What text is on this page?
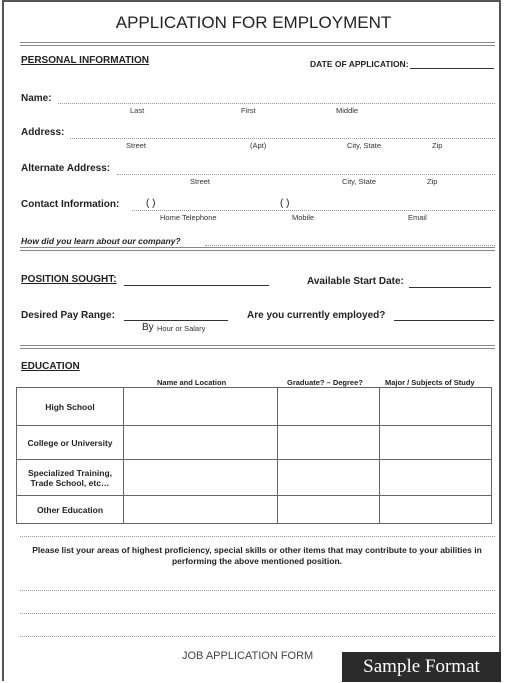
APPLICATION FOR EMPLOYMENT
PERSONAL INFORMATION	DATE OF APPLICATION:
Name:
Last	First	Middle
Address:
Street	(Apt)	City, State	Zip
Alternate Address:
Street	City, State	Zip
Contact Information:	( )	( )
Home Telephone	Mobile	Email
How did you learn about our company?
POSITION SOUGHT:	Available Start Date:
Desired Pay Range:
By Hour or Salary
Are you currently employed?
EDUCATION
Name and Location	Graduate? – Degree?	Major / Subjects of Study
High School			
College or University			
Specialized Training, Trade School, etc…			
Other Education			
Please list your areas of highest proficiency, special skills or other items that may contribute to your abilities in performing the above mentioned position.
JOB APPLICATION FORM	Sample Format
